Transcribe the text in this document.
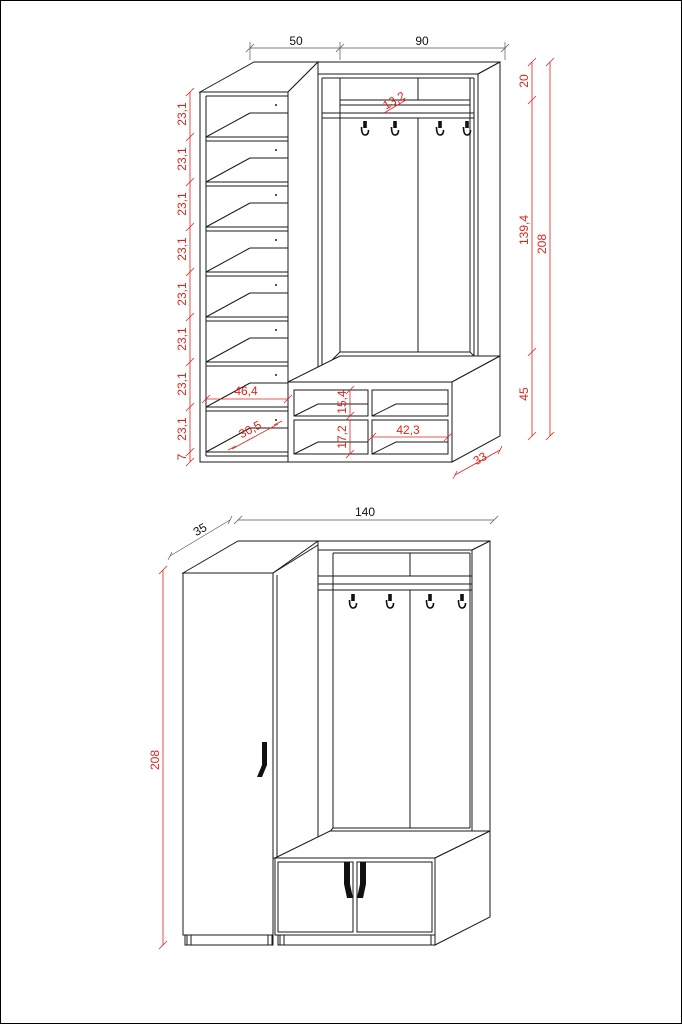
50	90
23,1
23,1
23,1
23,1
23,1
23,1
23,1
23,1
7
46,4
30,5
13,2
15,4
17,2	42,3
33
20
139,4
45
208
35
140
208
